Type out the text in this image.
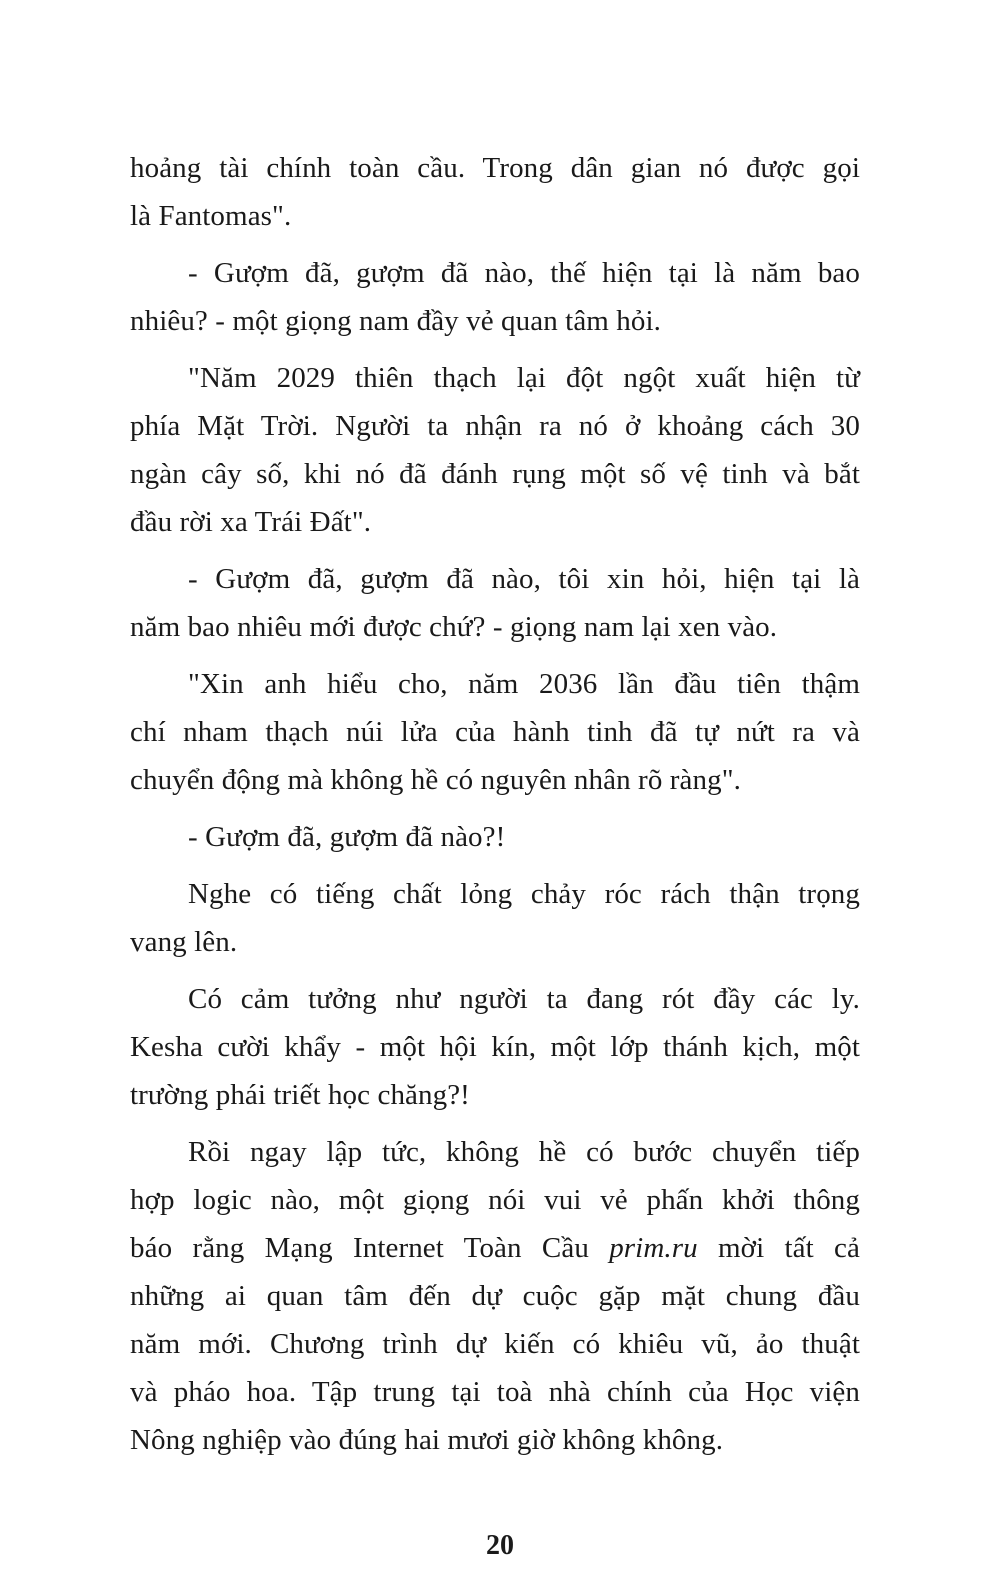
hoảng tài chính toàn cầu. Trong dân gian nó được gọi
là Fantomas".

- Gượm đã, gượm đã nào, thế hiện tại là năm bao
nhiêu? - một giọng nam đầy vẻ quan tâm hỏi.

"Năm 2029 thiên thạch lại đột ngột xuất hiện từ
phía Mặt Trời. Người ta nhận ra nó ở khoảng cách 30
ngàn cây số, khi nó đã đánh rụng một số vệ tinh và bắt
đầu rời xa Trái Đất".

- Gượm đã, gượm đã nào, tôi xin hỏi, hiện tại là
năm bao nhiêu mới được chứ? - giọng nam lại xen vào.

"Xin anh hiểu cho, năm 2036 lần đầu tiên thậm
chí nham thạch núi lửa của hành tinh đã tự nứt ra và
chuyển động mà không hề có nguyên nhân rõ ràng".

- Gượm đã, gượm đã nào?!

Nghe có tiếng chất lỏng chảy róc rách thận trọng
vang lên.

Có cảm tưởng như người ta đang rót đầy các ly.
Kesha cười khẩy - một hội kín, một lớp thánh kịch, một
trường phái triết học chăng?!

Rồi ngay lập tức, không hề có bước chuyển tiếp
hợp logic nào, một giọng nói vui vẻ phấn khởi thông
báo rằng Mạng Internet Toàn Cầu prim.ru mời tất cả
những ai quan tâm đến dự cuộc gặp mặt chung đầu
năm mới. Chương trình dự kiến có khiêu vũ, ảo thuật
và pháo hoa. Tập trung tại toà nhà chính của Học viện
Nông nghiệp vào đúng hai mươi giờ không không.

20
